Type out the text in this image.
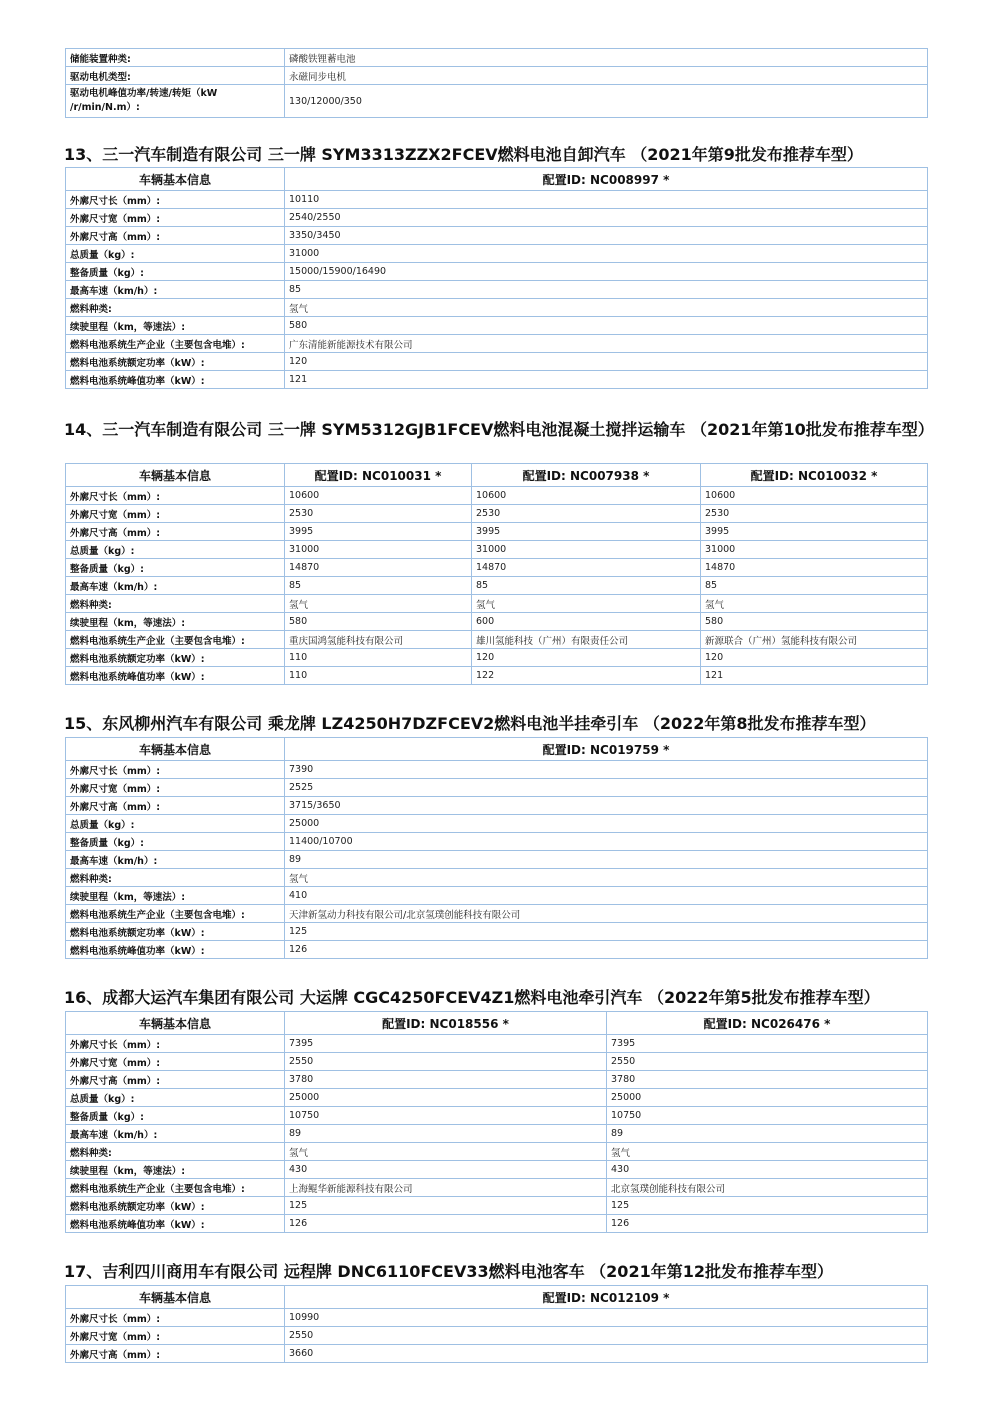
储能装置种类:	磷酸铁锂蓄电池
驱动电机类型:	永磁同步电机
驱动电机峰值功率/转速/转矩（kW /r/min/N.m）:	130/12000/350
13、三一汽车制造有限公司 三一牌 SYM3313ZZX2FCEV燃料电池自卸汽车 （2021年第9批发布推荐车型）
车辆基本信息	配置ID: NC008997 *
外廓尺寸长（mm）:	10110
外廓尺寸宽（mm）:	2540/2550
外廓尺寸高（mm）:	3350/3450
总质量（kg）:	31000
整备质量（kg）:	15000/15900/16490
最高车速（km/h）:	85
燃料种类:	氢气
续驶里程（km，等速法）:	580
燃料电池系统生产企业（主要包含电堆）:	广东清能新能源技术有限公司
燃料电池系统额定功率（kW）:	120
燃料电池系统峰值功率（kW）:	121
14、三一汽车制造有限公司 三一牌 SYM5312GJB1FCEV燃料电池混凝土搅拌运输车 （2021年第10批发布推荐车型）
车辆基本信息	配置ID: NC010031 *	配置ID: NC007938 *	配置ID: NC010032 *
外廓尺寸长（mm）:	10600	10600	10600
外廓尺寸宽（mm）:	2530	2530	2530
外廓尺寸高（mm）:	3995	3995	3995
总质量（kg）:	31000	31000	31000
整备质量（kg）:	14870	14870	14870
最高车速（km/h）:	85	85	85
燃料种类:	氢气	氢气	氢气
续驶里程（km，等速法）:	580	600	580
燃料电池系统生产企业（主要包含电堆）:	重庆国鸿氢能科技有限公司	雄川氢能科技（广州）有限责任公司	新源联合（广州）氢能科技有限公司
燃料电池系统额定功率（kW）:	110	120	120
燃料电池系统峰值功率（kW）:	110	122	121
15、东风柳州汽车有限公司 乘龙牌 LZ4250H7DZFCEV2燃料电池半挂牵引车 （2022年第8批发布推荐车型）
车辆基本信息	配置ID: NC019759 *
外廓尺寸长（mm）:	7390
外廓尺寸宽（mm）:	2525
外廓尺寸高（mm）:	3715/3650
总质量（kg）:	25000
整备质量（kg）:	11400/10700
最高车速（km/h）:	89
燃料种类:	氢气
续驶里程（km，等速法）:	410
燃料电池系统生产企业（主要包含电堆）:	天津新氢动力科技有限公司/北京氢璞创能科技有限公司
燃料电池系统额定功率（kW）:	125
燃料电池系统峰值功率（kW）:	126
16、成都大运汽车集团有限公司 大运牌 CGC4250FCEV4Z1燃料电池牵引汽车 （2022年第5批发布推荐车型）
车辆基本信息	配置ID: NC018556 *	配置ID: NC026476 *
外廓尺寸长（mm）:	7395	7395
外廓尺寸宽（mm）:	2550	2550
外廓尺寸高（mm）:	3780	3780
总质量（kg）:	25000	25000
整备质量（kg）:	10750	10750
最高车速（km/h）:	89	89
燃料种类:	氢气	氢气
续驶里程（km，等速法）:	430	430
燃料电池系统生产企业（主要包含电堆）:	上海鲲华新能源科技有限公司	北京氢璞创能科技有限公司
燃料电池系统额定功率（kW）:	125	125
燃料电池系统峰值功率（kW）:	126	126
17、吉利四川商用车有限公司 远程牌 DNC6110FCEV33燃料电池客车 （2021年第12批发布推荐车型）
车辆基本信息	配置ID: NC012109 *
外廓尺寸长（mm）:	10990
外廓尺寸宽（mm）:	2550
外廓尺寸高（mm）:	3660
